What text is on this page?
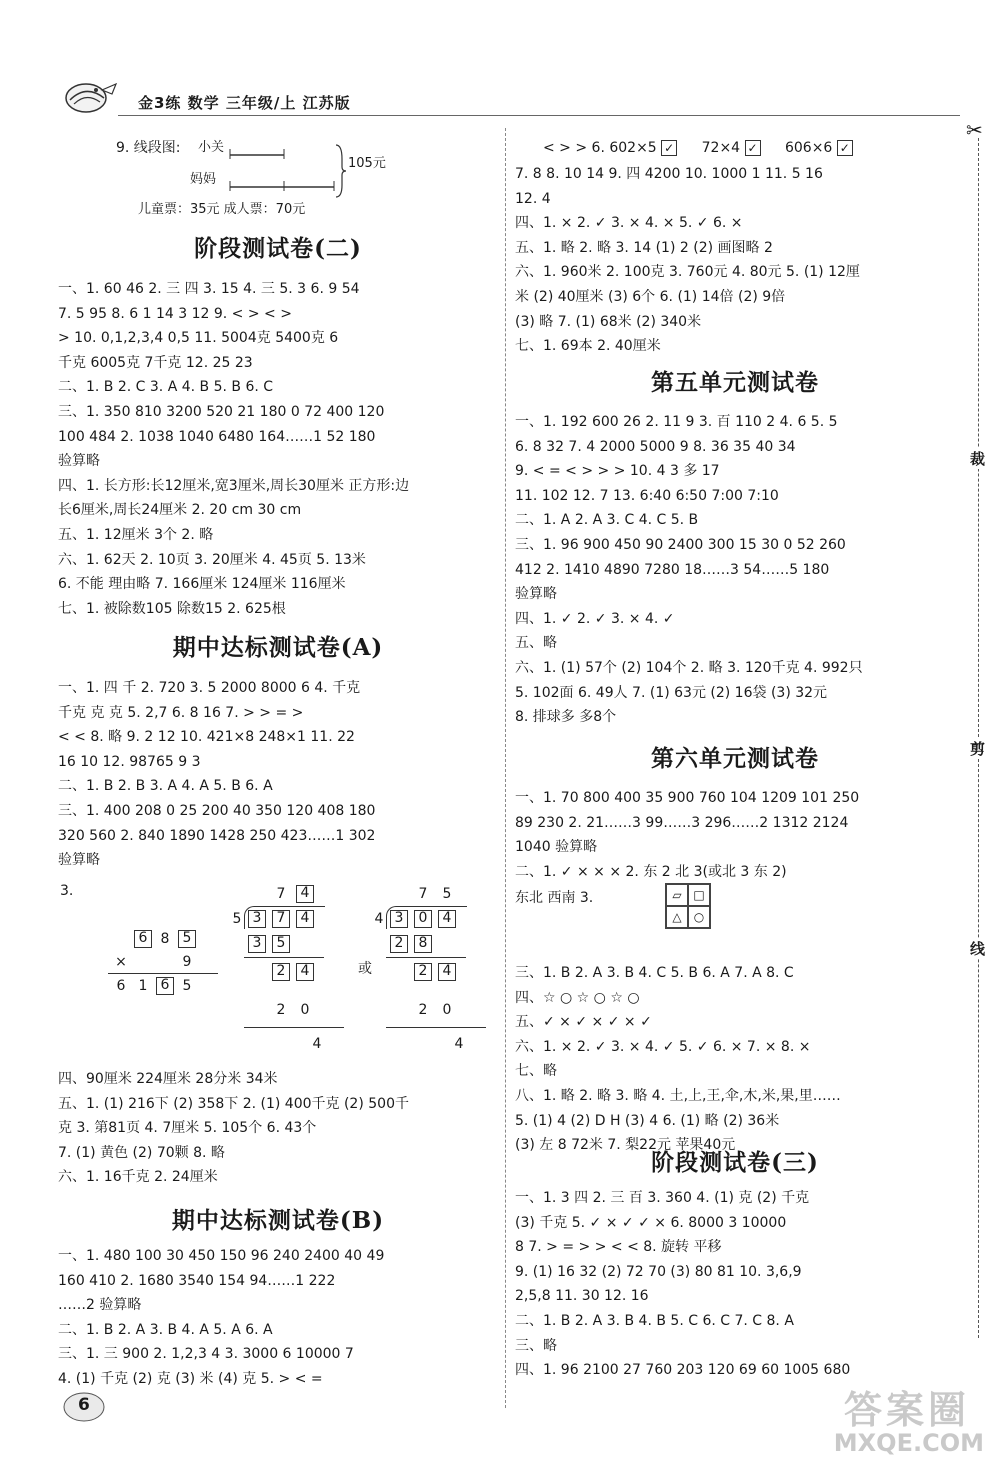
金3练 数学 三年级/上 江苏版
9. 线段图: 小关
妈妈
105元
儿童票：35元 成人票：70元
阶段测试卷(二)
一、1. 60 46 2. 三 四 3. 15 4. 三 5. 3 6. 9 54
7. 5 95 8. 6 1 14 3 12 9. < > < >
> 10. 0,1,2,3,4 0,5 11. 5004克 5400克 6
千克 6005克 7千克 12. 25 23
二、1. B 2. C 3. A 4. B 5. B 6. C
三、1. 350 810 3200 520 21 180 0 72 400 120
100 484 2. 1038 1040 6480 164……1 52 180
验算略
四、1. 长方形:长12厘米,宽3厘米,周长30厘米 正方形:边
长6厘米,周长24厘米 2. 20 cm 30 cm
五、1. 12厘米 3个 2. 略
六、1. 62天 2. 10页 3. 20厘米 4. 45页 5. 13米
6. 不能 理由略 7. 166厘米 124厘米 116厘米
七、1. 被除数105 除数15 2. 625根
期中达标测试卷(A)
一、1. 四 千 2. 720 3. 5 2000 8000 6 4. 千克
千克 克 克 5. 2,7 6. 8 16 7. > > = >
< < 8. 略 9. 2 12 10. 421×8 248×1 11. 22
16 10 12. 98765 9 3
二、1. B 2. B 3. A 4. A 5. B 6. A
三、1. 400 208 0 25 200 40 350 120 408 180
320 560 2. 840 1890 1428 250 423……1 302
验算略
3.
6 8 5
×	9
6 1 6 5
7	4
5 3	7	4
3	5
2	4
2	0
4
或
7	5
4 3	0	4
2	8
2	4
2	0
4
四、90厘米 224厘米 28分米 34米
五、1. (1) 216下 (2) 358下 2. (1) 400千克 (2) 500千
克 3. 第81页 4. 7厘米 5. 105个 6. 43个
7. (1) 黄色 (2) 70颗 8. 略
六、1. 16千克 2. 24厘米
期中达标测试卷(B)
一、1. 480 100 30 450 150 96 240 2400 40 49
160 410 2. 1680 3540 154 94……1 222
……2 验算略
二、1. B 2. A 3. B 4. A 5. A 6. A
三、1. 三 900 2. 1,2,3 4 3. 3000 6 10000 7
4. (1) 千克 (2) 克 (3) 米 (4) 克 5. > < =
< > > 6. 602×5 ✓ 72×4 ✓ 606×6 ✓
7. 8 8. 10 14 9. 四 4200 10. 1000 1 11. 5 16
12. 4
四、1. × 2. ✓ 3. × 4. × 5. ✓ 6. ×
五、1. 略 2. 略 3. 14 (1) 2 (2) 画图略 2
六、1. 960米 2. 100克 3. 760元 4. 80元 5. (1) 12厘
米 (2) 40厘米 (3) 6个 6. (1) 14倍 (2) 9倍
(3) 略 7. (1) 68米 (2) 340米
七、1. 69本 2. 40厘米
第五单元测试卷
一、1. 192 600 26 2. 11 9 3. 百 110 2 4. 6 5. 5
6. 8 32 7. 4 2000 5000 9 8. 36 35 40 34
9. < = < > > > 10. 4 3 多 17
11. 102 12. 7 13. 6:40 6:50 7:00 7:10
二、1. A 2. A 3. C 4. C 5. B
三、1. 96 900 450 90 2400 300 15 30 0 52 260
412 2. 1410 4890 7280 18……3 54……5 180
验算略
四、1. ✓ 2. ✓ 3. × 4. ✓
五、略
六、1. (1) 57个 (2) 104个 2. 略 3. 120千克 4. 992只
5. 102面 6. 49人 7. (1) 63元 (2) 16袋 (3) 32元
8. 排球多 多8个
第六单元测试卷
一、1. 70 800 400 35 900 760 104 1209 101 250
89 230 2. 21……3 99……3 296……2 1312 2124
1040 验算略
二、1. ✓ × × × 2. 东 2 北 3(或北 3 东 2)
东北 西南 3.	▱ □
△	○
三、1. B 2. A 3. B 4. C 5. B 6. A 7. A 8. C
四、☆ ○ ☆ ○ ☆ ○
五、✓ × ✓ × ✓ × ✓
六、1. × 2. ✓ 3. × 4. ✓ 5. ✓ 6. × 7. × 8. ×
七、略
八、1. 略 2. 略 3. 略 4. 土,上,王,伞,木,米,果,里……
5. (1) 4 (2) D H (3) 4 6. (1) 略 (2) 36米
(3) 左 8 72米 7. 梨22元 苹果40元
阶段测试卷(三)
一、1. 3 四 2. 三 百 3. 360 4. (1) 克 (2) 千克
(3) 千克 5. ✓ × ✓ ✓ × 6. 8000 3 10000
8 7. > = > > < < 8. 旋转 平移
9. (1) 16 32 (2) 72 70 (3) 80 81 10. 3,6,9
2,5,8 11. 30 12. 16
二、1. B 2. A 3. B 4. B 5. C 6. C 7. C 8. A
三、略
四、1. 96 2100 27 760 203 120 69 60 1005 680
✂
裁
剪
线
6	答案圈
MXQE.COM
